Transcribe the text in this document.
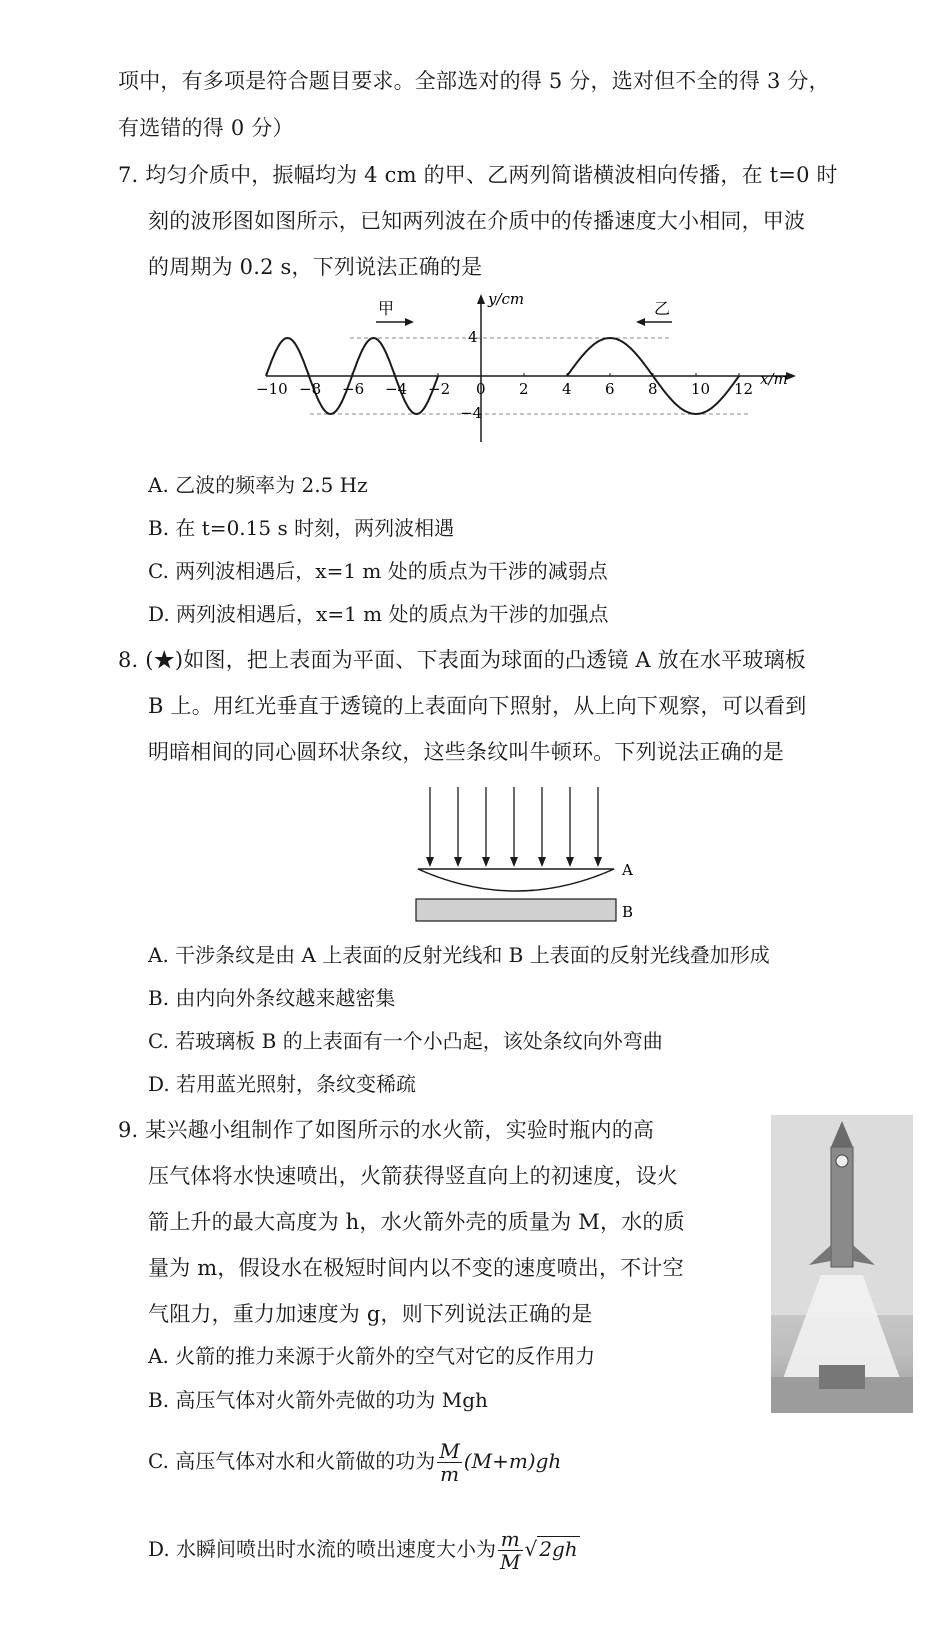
项中，有多项是符合题目要求。全部选对的得 5 分，选对但不全的得 3 分，
有选错的得 0 分）
7. 均匀介质中，振幅均为 4 cm 的甲、乙两列简谐横波相向传播，在 t=0 时
刻的波形图如图所示，已知两列波在介质中的传播速度大小相同，甲波
的周期为 0.2 s，下列说法正确的是
y/cm
4
−4
x/m
甲	乙
−10 −8 −6 −4 −2 0 2 4 6 8 10 12
A. 乙波的频率为 2.5 Hz
B. 在 t=0.15 s 时刻，两列波相遇
C. 两列波相遇后，x=1 m 处的质点为干涉的减弱点
D. 两列波相遇后，x=1 m 处的质点为干涉的加强点
8. (★)如图，把上表面为平面、下表面为球面的凸透镜 A 放在水平玻璃板
B 上。用红光垂直于透镜的上表面向下照射，从上向下观察，可以看到
明暗相间的同心圆环状条纹，这些条纹叫牛顿环。下列说法正确的是
A
B
A. 干涉条纹是由 A 上表面的反射光线和 B 上表面的反射光线叠加形成
B. 由内向外条纹越来越密集
C. 若玻璃板 B 的上表面有一个小凸起，该处条纹向外弯曲
D. 若用蓝光照射，条纹变稀疏
9. 某兴趣小组制作了如图所示的水火箭，实验时瓶内的高
压气体将水快速喷出，火箭获得竖直向上的初速度，设火
箭上升的最大高度为 h，水火箭外壳的质量为 M，水的质
量为 m，假设水在极短时间内以不变的速度喷出，不计空
气阻力，重力加速度为 g，则下列说法正确的是
A. 火箭的推力来源于火箭外的空气对它的反作用力
B. 高压气体对火箭外壳做的功为 Mgh
C. 高压气体对水和火箭做的功为 $\frac{M}{m} (M+m)gh$
D. 水瞬间喷出时水流的喷出速度大小为 $\frac{m}{M}$ √ 2gh
